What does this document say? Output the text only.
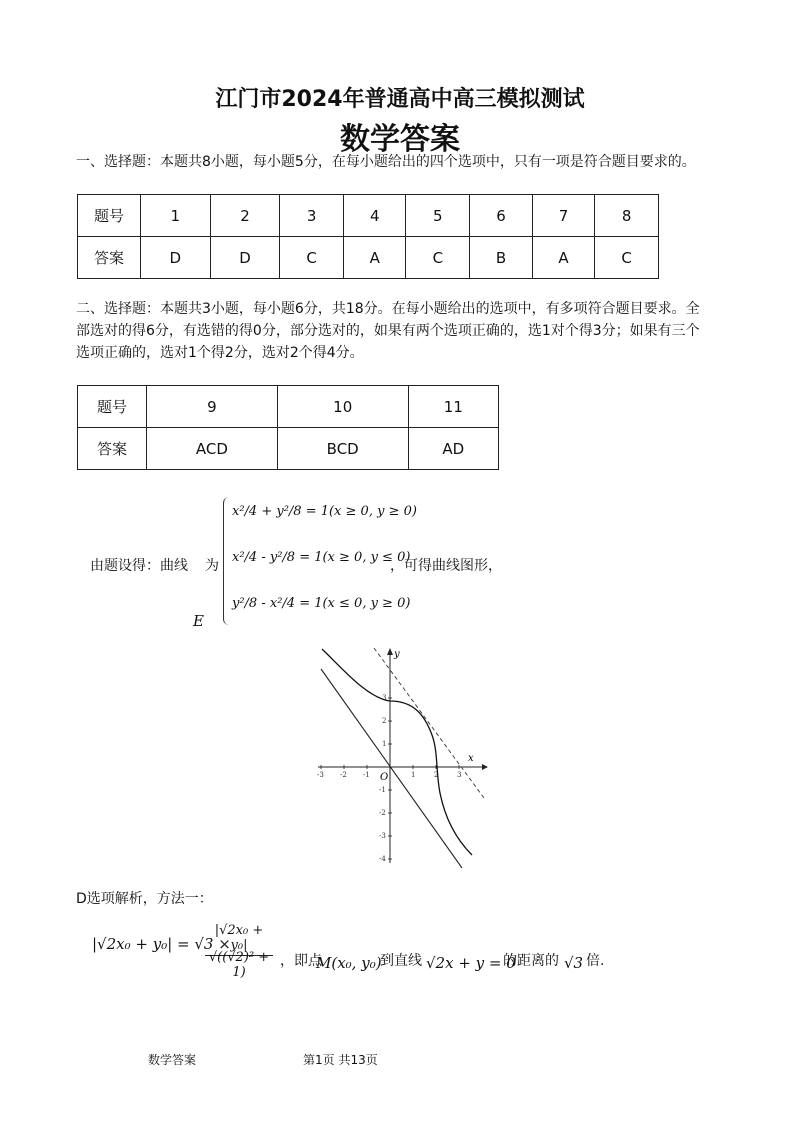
江门市2024年普通高中高三模拟测试
数学答案
一、选择题：本题共8小题，每小题5分，在每小题给出的四个选项中，只有一项是符合题目要求的。
题号	1	2	3	4	5	6	7	8
答案	D	D	C	A	C	B	A	C
二、选择题：本题共3小题，每小题6分，共18分。在每小题给出的选项中，有多项符合题目要求。全
部选对的得6分，有选错的得0分，部分选对的，如果有两个选项正确的，选1对个得3分；如果有三个
选项正确的，选对1个得2分，选对2个得4分。
题号	9	10	11
答案	ACD	BCD	AD
由题设得：曲线 为
E
x²/4 + y²/8 = 1(x ≥ 0, y ≥ 0)
x²/4 - y²/8 = 1(x ≥ 0, y ≤ 0)
y²/8 - x²/4 = 1(x ≤ 0, y ≥ 0)
，可得曲线图形，
-3 -2 -1	1	2	3
3
2
1
-1
-2
-3
-4
O
x
y
D选项解析，方法一：
|√2x₀ + y₀| = √3 ×
|√2x₀ + y₀|
√((√2)² + 1)
，即点
M(x₀, y₀)
到直线 √2x + y = 0
的距离的 √3 倍.
数学答案	第1页 共13页
